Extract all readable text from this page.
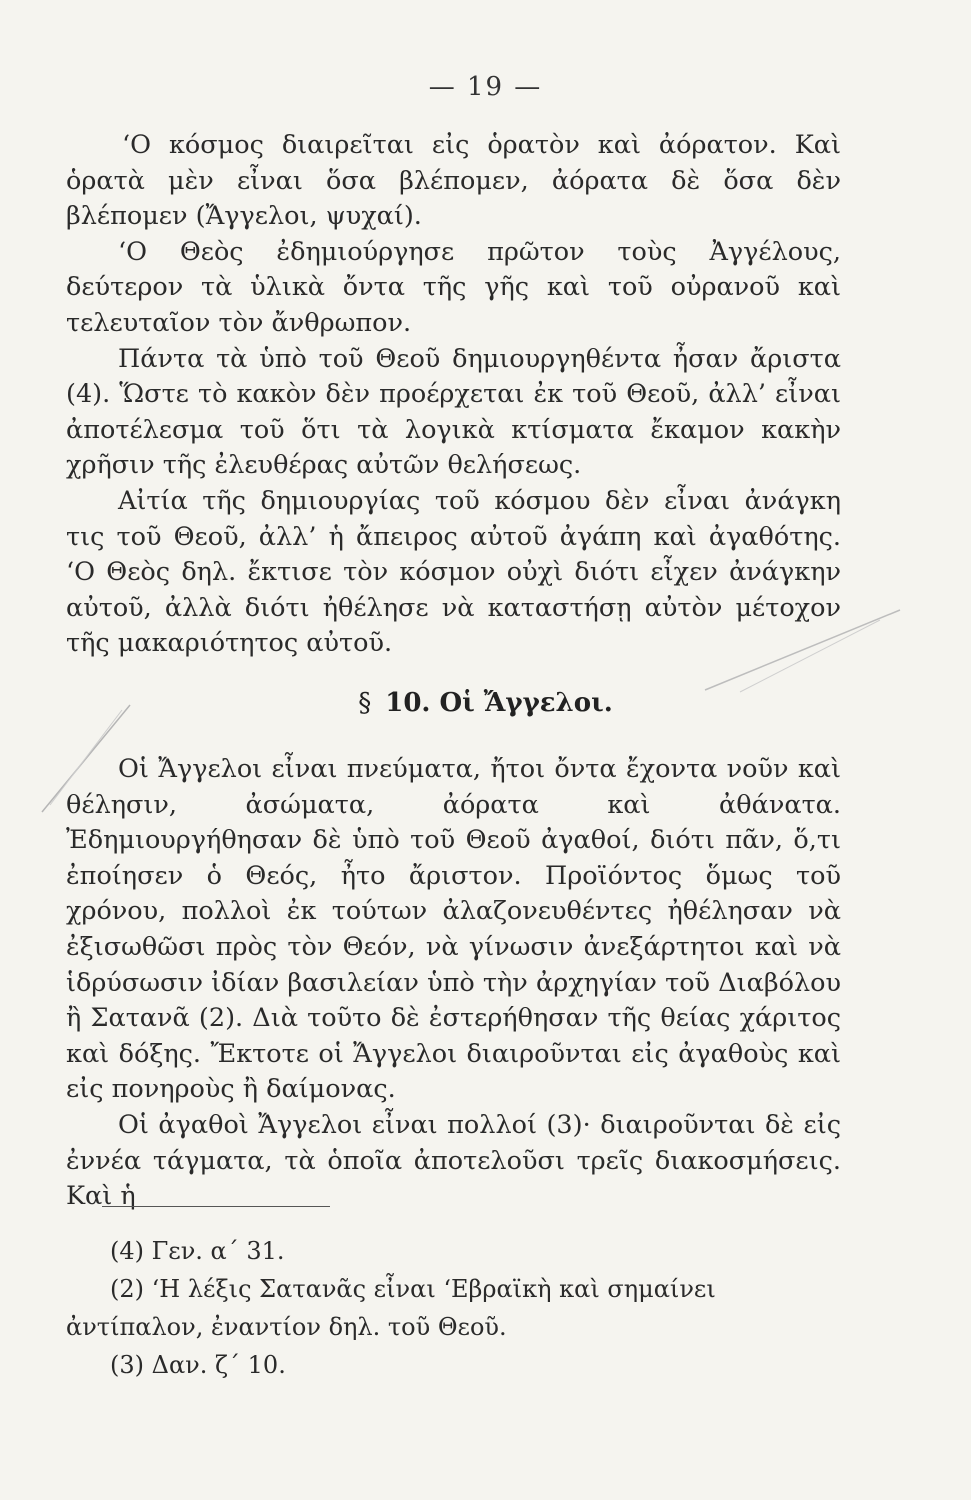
— 19 —

‘Ο κόσμος διαιρεῖται εἰς ὁρατὸν καὶ ἀόρατον. Καὶ ὁρατὰ μὲν εἶναι ὅσα βλέπομεν, ἀόρατα δὲ ὅσα δὲν βλέπομεν (Ἄγγελοι, ψυχαί).

‘Ο Θεὸς ἐδημιούργησε πρῶτον τοὺς Ἀγγέλους, δεύτερον τὰ ὑλικὰ ὄντα τῆς γῆς καὶ τοῦ οὐρανοῦ καὶ τελευταῖον τὸν ἄνθρωπον.

Πάντα τὰ ὑπὸ τοῦ Θεοῦ δημιουργηθέντα ἦσαν ἄριστα (4). Ὥστε τὸ κακὸν δὲν προέρχεται ἐκ τοῦ Θεοῦ, ἀλλ’ εἶναι ἀποτέλεσμα τοῦ ὅτι τὰ λογικὰ κτίσματα ἔκαμον κακὴν χρῆσιν τῆς ἐλευθέρας αὐτῶν θελήσεως.

Αἰτία τῆς δημιουργίας τοῦ κόσμου δὲν εἶναι ἀνάγκη τις τοῦ Θεοῦ, ἀλλ’ ἡ ἄπειρος αὐτοῦ ἀγάπη καὶ ἀγαθότης. ‘Ο Θεὸς δηλ. ἔκτισε τὸν κόσμον οὐχὶ διότι εἶχεν ἀνάγκην αὐτοῦ, ἀλλὰ διότι ἠθέλησε νὰ καταστήσῃ αὐτὸν μέτοχον τῆς μακαριότητος αὐτοῦ.

§ 10. Οἱ Ἄγγελοι.

Οἱ Ἄγγελοι εἶναι πνεύματα, ἤτοι ὄντα ἔχοντα νοῦν καὶ θέλησιν, ἀσώματα, ἀόρατα καὶ ἀθάνατα. Ἐδημιουργήθησαν δὲ ὑπὸ τοῦ Θεοῦ ἀγαθοί, διότι πᾶν, ὅ,τι ἐποίησεν ὁ Θεός, ἦτο ἄριστον. Προϊόντος ὅμως τοῦ χρόνου, πολλοὶ ἐκ τούτων ἀλαζονευθέντες ἠθέλησαν νὰ ἐξισωθῶσι πρὸς τὸν Θεόν, νὰ γίνωσιν ἀνεξάρτητοι καὶ νὰ ἱδρύσωσιν ἰδίαν βασιλείαν ὑπὸ τὴν ἀρχηγίαν τοῦ Διαβόλου ἢ Σατανᾶ (2). Διὰ τοῦτο δὲ ἐστερήθησαν τῆς θείας χάριτος καὶ δόξης. Ἔκτοτε οἱ Ἄγγελοι διαιροῦνται εἰς ἀγαθοὺς καὶ εἰς πονηροὺς ἢ δαίμονας.

Οἱ ἀγαθοὶ Ἄγγελοι εἶναι πολλοί (3)· διαιροῦνται δὲ εἰς ἐννέα τάγματα, τὰ ὁποῖα ἀποτελοῦσι τρεῖς διακοσμήσεις. Καὶ ἡ

(4) Γεν. α΄ 31.

(2) ‘Η λέξις Σατανᾶς εἶναι ‘Εβραϊκὴ καὶ σημαίνει ἀντίπαλον, ἐναντίον δηλ. τοῦ Θεοῦ.

(3) Δαν. ζ΄ 10.
